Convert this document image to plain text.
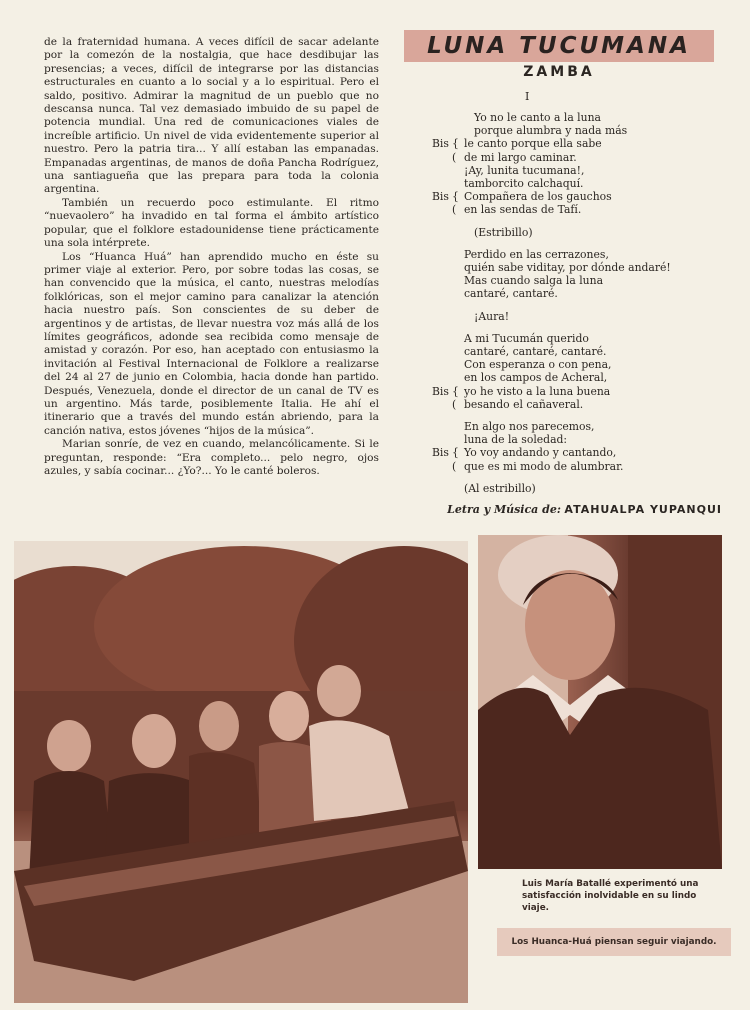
de la fraternidad humana. A veces difícil de sacar adelante por la comezón de la nostalgia, que hace desdibujar las presencias; a veces, difícil de integrarse por las distancias estructurales en cuanto a lo social y a lo espiritual. Pero el saldo, positivo. Admirar la magnitud de un pueblo que no descansa nunca. Tal vez demasiado imbuido de su papel de potencia mundial. Una red de comunicaciones viales de increíble artificio. Un nivel de vida evidentemente superior al nuestro. Pero la patria tira... Y allí estaban las empanadas. Empanadas argentinas, de manos de doña Pancha Rodríguez, una santiagueña que las prepara para toda la colonia argentina.

También un recuerdo poco estimulante. El ritmo “nuevaolero” ha invadido en tal forma el ámbito artístico popular, que el folklore estadounidense tiene prácticamente una sola intérprete.

Los “Huanca Huá” han aprendido mucho en éste su primer viaje al exterior. Pero, por sobre todas las cosas, se han convencido que la música, el canto, nuestras melodías folklóricas, son el mejor camino para canalizar la atención hacia nuestro país. Son conscientes de su deber de argentinos y de artistas, de llevar nuestra voz más allá de los límites geográficos, adonde sea recibida como mensaje de amistad y corazón. Por eso, han aceptado con entusiasmo la invitación al Festival Internacional de Folklore a realizarse del 24 al 27 de junio en Colombia, hacia donde han partido. Después, Venezuela, donde el director de un canal de TV es un argentino. Más tarde, posiblemente Italia. He ahí el itinerario que a través del mundo están abriendo, para la canción nativa, estos jóvenes “hijos de la música”.

Marian sonríe, de vez en cuando, melancólicamente. Si le preguntan, responde: “Era completo... pelo negro, ojos azules, y sabía cocinar... ¿Yo?... Yo le canté boleros.

LUNA TUCUMANA
ZAMBA
I
Yo no le canto a la luna
porque alumbra y nada más
Bis { le canto porque ella sabe
( de mi largo caminar.
¡Ay, lunita tucumana!,
tamborcito calchaquí.
Bis { Compañera de los gauchos
( en las sendas de Tafí.
(Estribillo)
Perdido en las cerrazones,
quién sabe viditay, por dónde andaré!
Mas cuando salga la luna
cantaré, cantaré.
¡Aura!
A mi Tucumán querido
cantaré, cantaré, cantaré.
Con esperanza o con pena,
en los campos de Acheral,
Bis { yo he visto a la luna buena
( besando el cañaveral.
En algo nos parecemos,
luna de la soledad:
Bis { Yo voy andando y cantando,
( que es mi modo de alumbrar.
(Al estribillo)
Letra y Música de: ATAHUALPA YUPANQUI
Luis María Batallé experimentó una satisfacción inolvidable en su lindo viaje.
Los Huanca-Huá piensan seguir viajando.
